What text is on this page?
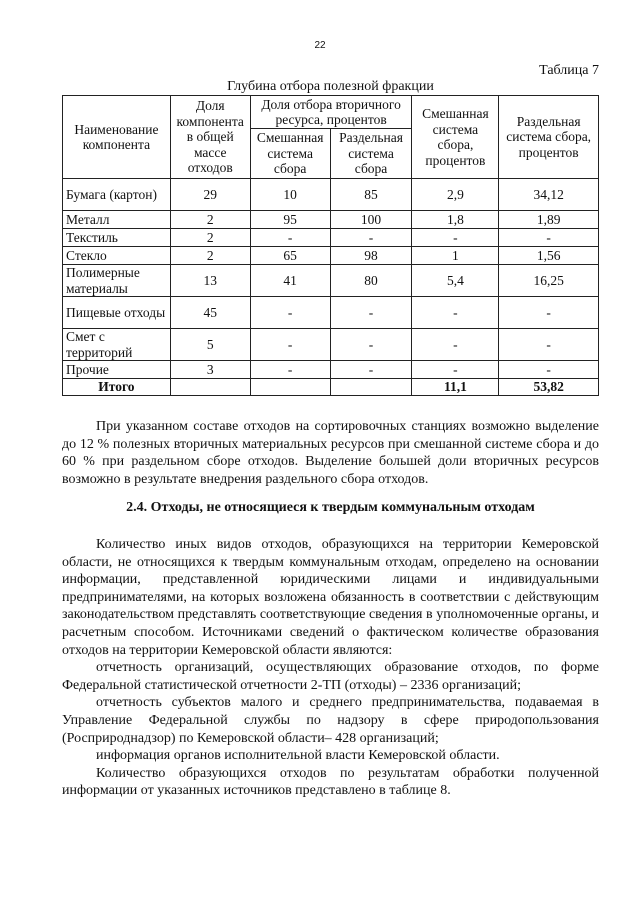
22
Таблица 7
Глубина отбора полезной фракции
Наименование компонента	Доля компонента в общей массе отходов	Доля отбора вторичного ресурса, процентов		Смешанная система сбора, процентов	Раздельная система сбора, процентов
		Смешанная система сбора	Раздельная система сбора		
Бумага (картон)	29	10	85	2,9	34,12
Металл	2	95	100	1,8	1,89
Текстиль	2	-	-	-	-
Стекло	2	65	98	1	1,56
Полимерные материалы	13	41	80	5,4	16,25
Пищевые отходы	45	-	-	-	-
Смет с территорий	5	-	-	-	-
Прочие	3	-	-	-	-
Итого				11,1	53,82
При указанном составе отходов на сортировочных станциях возможно выделение до 12 % полезных вторичных материальных ресурсов при смешанной системе сбора и до 60 % при раздельном сборе отходов. Выделение большей доли вторичных ресурсов возможно в результате внедрения раздельного сбора отходов.
2.4. Отходы, не относящиеся к твердым коммунальным отходам

Количество иных видов отходов, образующихся на территории Кемеровской области, не относящихся к твердым коммунальным отходам, определено на основании информации, представленной юридическими лицами и индивидуальными предпринимателями, на которых возложена обязанность в соответствии с действующим законодательством представлять соответствующие сведения в уполномоченные органы, и расчетным способом. Источниками сведений о фактическом количестве образования отходов на территории Кемеровской области являются:

отчетность организаций, осуществляющих образование отходов, по форме Федеральной статистической отчетности 2-ТП (отходы) – 2336 организаций;

отчетность субъектов малого и среднего предпринимательства, подаваемая в Управление Федеральной службы по надзору в сфере природопользования (Росприроднадзор) по Кемеровской области– 428 организаций;

информация органов исполнительной власти Кемеровской области.

Количество образующихся отходов по результатам обработки полученной информации от указанных источников представлено в таблице 8.
